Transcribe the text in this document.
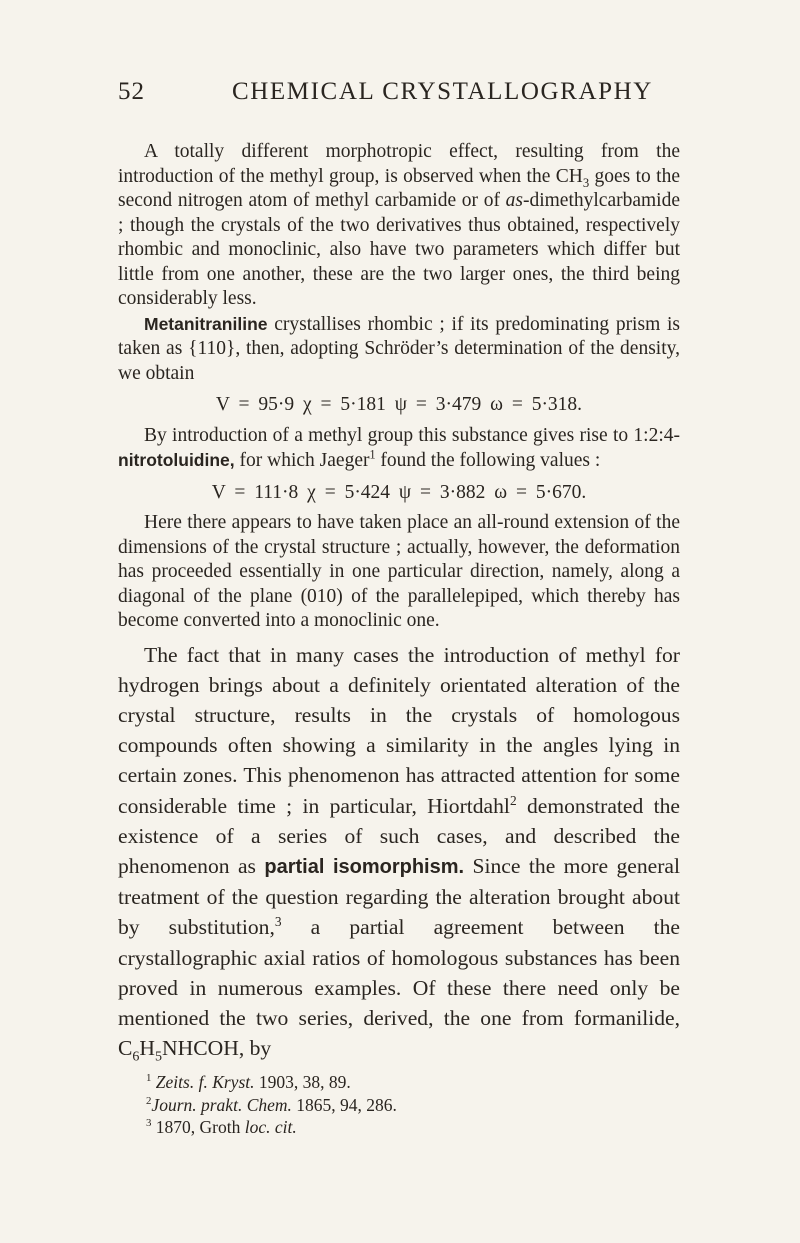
52	CHEMICAL CRYSTALLOGRAPHY

A totally different morphotropic effect, resulting from the introduction of the methyl group, is observed when the $CH_3$ goes to the second nitrogen atom of methyl carbamide or of as-dimethylcarbamide ; though the crystals of the two derivatives thus obtained, respectively rhombic and monoclinic, also have two parameters which differ but little from one another, these are the two larger ones, the third being considerably less.

Metanitraniline crystallises rhombic ; if its predominating prism is taken as {110}, then, adopting Schröder’s determination of the density, we obtain

V = 95·9 χ = 5·181 ψ = 3·479 ω = 5·318.

By introduction of a methyl group this substance gives rise to 1:2:4-nitrotoluidine, for which Jaeger$^1$ found the following values :

V = 111·8 χ = 5·424 ψ = 3·882 ω = 5·670.

Here there appears to have taken place an all-round extension of the dimensions of the crystal structure ; actually, however, the deformation has proceeded essentially in one particular direction, namely, along a diagonal of the plane (010) of the parallelepiped, which thereby has become converted into a monoclinic one.

The fact that in many cases the introduction of methyl for hydrogen brings about a definitely orientated alteration of the crystal structure, results in the crystals of homologous compounds often showing a similarity in the angles lying in certain zones. This phenomenon has attracted attention for some considerable time ; in particular, Hiortdahl$^2$ demonstrated the existence of a series of such cases, and described the phenomenon as partial isomorphism. Since the more general treatment of the question regarding the alteration brought about by substitution,$^3$ a partial agreement between the crystallographic axial ratios of homologous substances has been proved in numerous examples. Of these there need only be mentioned the two series, derived, the one from formanilide, $C_6H_5NHCOH$, by

$^1$ Zeits. f. Kryst. 1903, 38, 89.
$^2$Journ. prakt. Chem. 1865, 94, 286.
$^3$ 1870, Groth loc. cit.
